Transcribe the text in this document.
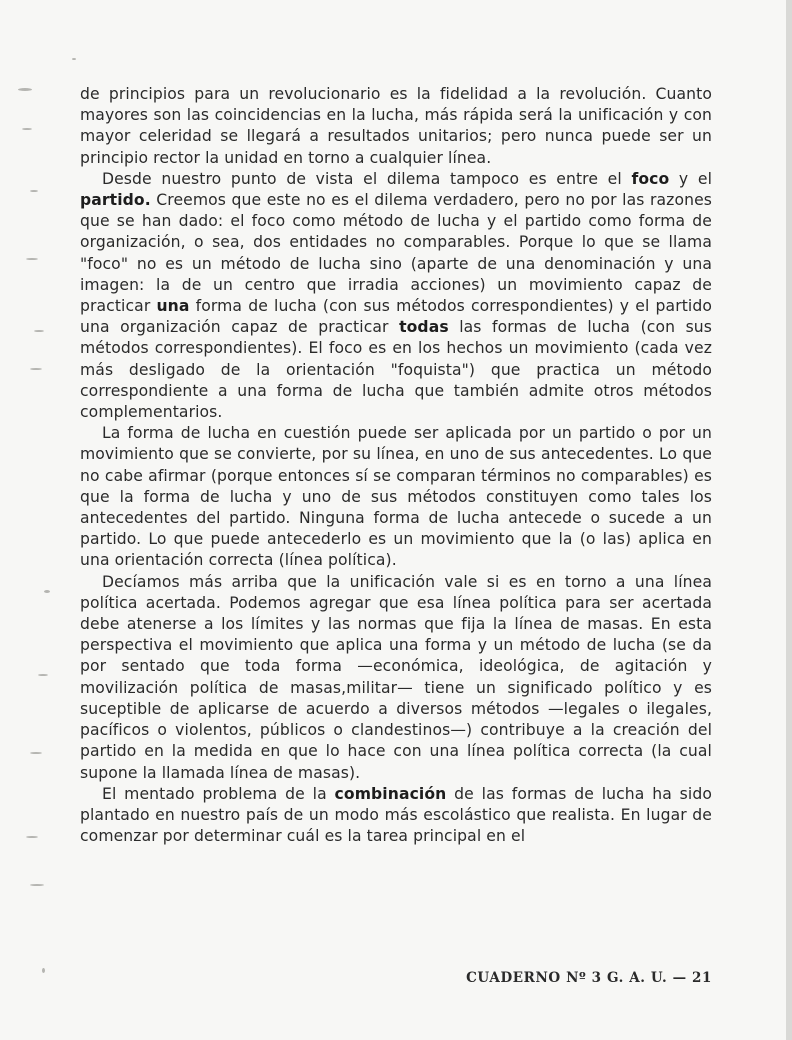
de principios para un revolucionario es la fidelidad a la revolución. Cuanto mayores son las coincidencias en la lucha, más rápida será la unificación y con mayor celeridad se llegará a resultados unitarios; pero nunca puede ser un principio rector la unidad en torno a cualquier línea.

Desde nuestro punto de vista el dilema tampoco es entre el foco y el partido. Creemos que este no es el dilema verdadero, pero no por las razones que se han dado: el foco como método de lucha y el partido como forma de organización, o sea, dos entidades no comparables. Porque lo que se llama "foco" no es un método de lucha sino (aparte de una denominación y una imagen: la de un centro que irradia acciones) un movimiento capaz de practicar una forma de lucha (con sus métodos correspondientes) y el partido una organización capaz de practicar todas las formas de lucha (con sus métodos correspondientes). El foco es en los hechos un movimiento (cada vez más desligado de la orientación "foquista") que practica un método correspondiente a una forma de lucha que también admite otros métodos complementarios.

La forma de lucha en cuestión puede ser aplicada por un partido o por un movimiento que se convierte, por su línea, en uno de sus antecedentes. Lo que no cabe afirmar (porque entonces sí se comparan términos no comparables) es que la forma de lucha y uno de sus métodos constituyen como tales los antecedentes del partido. Ninguna forma de lucha antecede o sucede a un partido. Lo que puede antecederlo es un movimiento que la (o las) aplica en una orientación correcta (línea política).

Decíamos más arriba que la unificación vale si es en torno a una línea política acertada. Podemos agregar que esa línea política para ser acertada debe atenerse a los límites y las normas que fija la línea de masas. En esta perspectiva el movimiento que aplica una forma y un método de lucha (se da por sentado que toda forma —económica, ideológica, de agitación y movilización política de masas,militar— tiene un significado político y es suceptible de aplicarse de acuerdo a diversos métodos —legales o ilegales, pacíficos o violentos, públicos o clandestinos—) contribuye a la creación del partido en la medida en que lo hace con una línea política correcta (la cual supone la llamada línea de masas).

El mentado problema de la combinación de las formas de lucha ha sido plantado en nuestro país de un modo más escolástico que realista. En lugar de comenzar por determinar cuál es la tarea principal en el

CUADERNO Nº 3 G. A. U. — 21
